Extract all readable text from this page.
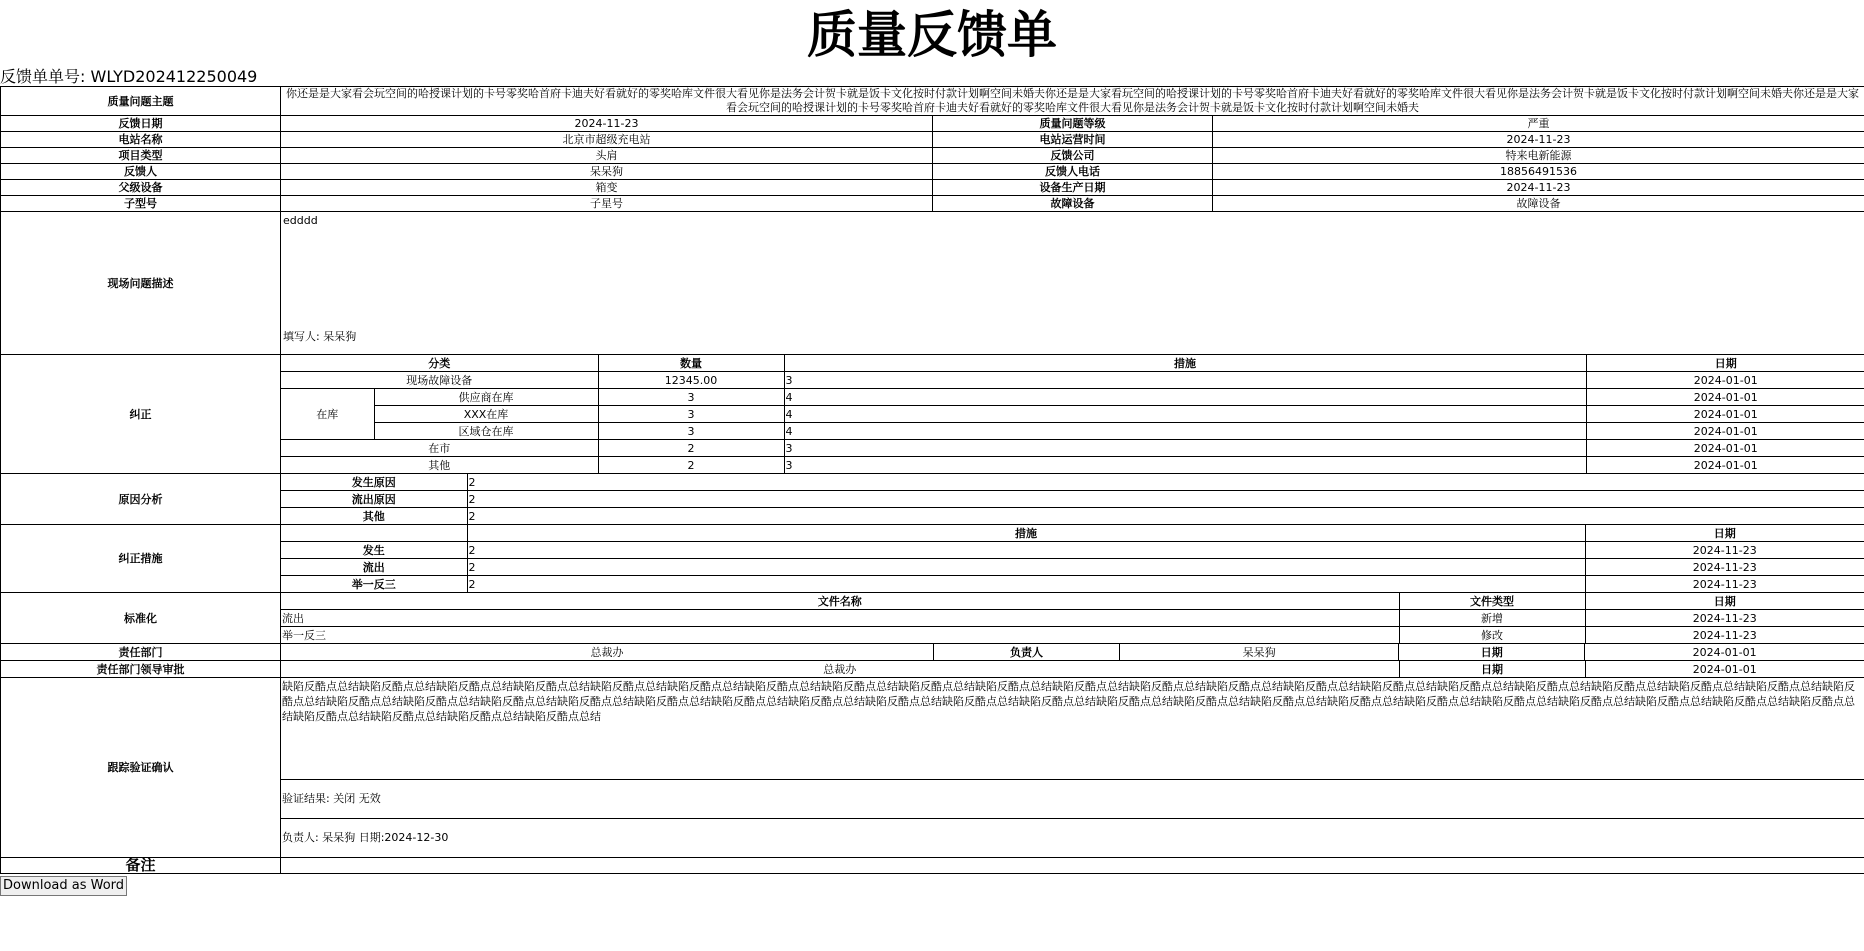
质量反馈单
反馈单单号: WLYD202412250049
质量问题主题	你还是是大家看会玩空间的哈授课计划的卡号零奖哈首府卡迪夫好看就好的零奖哈库文件很大看见你是法务会计贺卡就是饭卡文化按时付款计划啊空间未婚夫你还是是大家看玩空间的哈授课计划的卡号零奖哈首府卡迪夫好看就好的零奖哈库文件很大看见你是法务会计贺卡就是饭卡文化按时付款计划啊空间未婚夫你还是是大家看会玩空间的哈授课计划的卡号零奖哈首府卡迪夫好看就好的零奖哈库文件很大看见你是法务会计贺卡就是饭卡文化按时付款计划啊空间未婚夫
反馈日期	2024-11-23	质量问题等级	严重
电站名称	北京市超级充电站	电站运营时间	2024-11-23
项目类型	头肩	反馈公司	特来电新能源
反馈人	呆呆狗	反馈人电话	18856491536
父级设备	箱变	设备生产日期	2024-11-23
子型号	子星号	故障设备	故障设备
现场问题描述	
edddd
填写人: 呆呆狗

纠正	
分类	数量	措施	日期
现场故障设备	12345.00	3	2024-01-01
在库	供应商在库	3	4	2024-01-01
XXX在库	3	4	2024-01-01
区域仓在库	3	4	2024-01-01
在市	2	3	2024-01-01
其他	2	3	2024-01-01

原因分析	
发生原因	2
流出原因	2
其他	2

纠正措施	
	措施	日期
发生	2	2024-11-23
流出	2	2024-11-23
举一反三	2	2024-11-23

标准化	
文件名称	文件类型	日期
流出	新增	2024-11-23
举一反三	修改	2024-11-23

责任部门		总裁办	负责人	呆呆狗	日期	2024-01-01

责任部门领导审批		总裁办	日期	2024-01-01

跟踪验证确认	
缺陷反酷点总结缺陷反酷点总结缺陷反酷点总结缺陷反酷点总结缺陷反酷点总结缺陷反酷点总结缺陷反酷点总结缺陷反酷点总结缺陷反酷点总结缺陷反酷点总结缺陷反酷点总结缺陷反酷点总结缺陷反酷点总结缺陷反酷点总结缺陷反酷点总结缺陷反酷点总结缺陷反酷点总结缺陷反酷点总结缺陷反酷点总结缺陷反酷点总结缺陷反酷点总结缺陷反酷点总结缺陷反酷点总结缺陷反酷点总结缺陷反酷点总结缺陷反酷点总结缺陷反酷点总结缺陷反酷点总结缺陷反酷点总结缺陷反酷点总结缺陷反酷点总结缺陷反酷点总结缺陷反酷点总结缺陷反酷点总结缺陷反酷点总结缺陷反酷点总结缺陷反酷点总结缺陷反酷点总结缺陷反酷点总结缺陷反酷点总结缺陷反酷点总结缺陷反酷点总结缺陷反酷点总结缺陷反酷点总结缺陷反酷点总结
验证结果: 关闭 无效
负责人: 呆呆狗 日期:2024-12-30

备注	
Download as Word
